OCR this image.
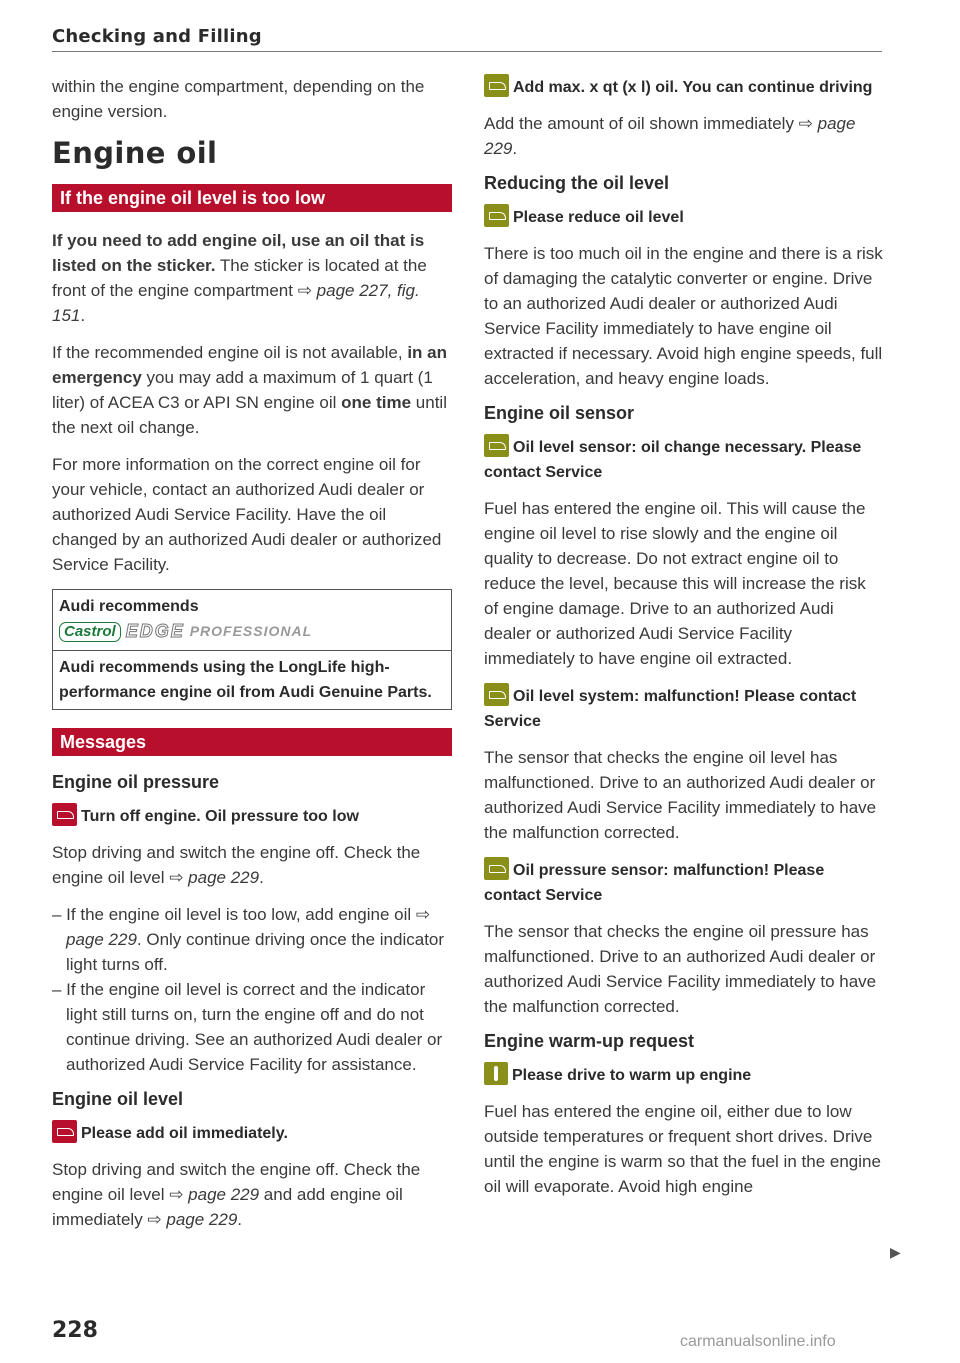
Checking and Filling

within the engine compartment, depending on the engine version.

Engine oil
If the engine oil level is too low

If you need to add engine oil, use an oil that is listed on the sticker. The sticker is located at the front of the engine compartment ⇨ page 227, fig. 151.

If the recommended engine oil is not available, in an emergency you may add a maximum of 1 quart (1 liter) of ACEA C3 or API SN engine oil one time until the next oil change.

For more information on the correct engine oil for your vehicle, contact an authorized Audi dealer or authorized Audi Service Facility. Have the oil changed by an authorized Audi dealer or authorized Service Facility.

Audi recommends
Castrol EDGE PROFESSIONAL
Audi recommends using the LongLife high-performance engine oil from Audi Genuine Parts.
Messages
Engine oil pressure
Turn off engine. Oil pressure too low

Stop driving and switch the engine off. Check the engine oil level ⇨ page 229.

– If the engine oil level is too low, add engine oil ⇨ page 229. Only continue driving once the indicator light turns off.
– If the engine oil level is correct and the indicator light still turns on, turn the engine off and do not continue driving. See an authorized Audi dealer or authorized Audi Service Facility for assistance.
Engine oil level
Please add oil immediately.

Stop driving and switch the engine off. Check the engine oil level ⇨ page 229 and add engine oil immediately ⇨ page 229.

Add max. x qt (x l) oil. You can continue driving

Add the amount of oil shown immediately ⇨ page 229.

Reducing the oil level
Please reduce oil level

There is too much oil in the engine and there is a risk of damaging the catalytic converter or engine. Drive to an authorized Audi dealer or authorized Audi Service Facility immediately to have engine oil extracted if necessary. Avoid high engine speeds, full acceleration, and heavy engine loads.

Engine oil sensor
Oil level sensor: oil change necessary. Please contact Service

Fuel has entered the engine oil. This will cause the engine oil level to rise slowly and the engine oil quality to decrease. Do not extract engine oil to reduce the level, because this will increase the risk of engine damage. Drive to an authorized Audi dealer or authorized Audi Service Facility immediately to have engine oil extracted.

Oil level system: malfunction! Please contact Service

The sensor that checks the engine oil level has malfunctioned. Drive to an authorized Audi dealer or authorized Audi Service Facility immediately to have the malfunction corrected.

Oil pressure sensor: malfunction! Please contact Service

The sensor that checks the engine oil pressure has malfunctioned. Drive to an authorized Audi dealer or authorized Audi Service Facility immediately to have the malfunction corrected.

Engine warm-up request
Please drive to warm up engine

Fuel has entered the engine oil, either due to low outside temperatures or frequent short drives. Drive until the engine is warm so that the fuel in the engine oil will evaporate. Avoid high engine

▶
228	carmanualsonline.info
